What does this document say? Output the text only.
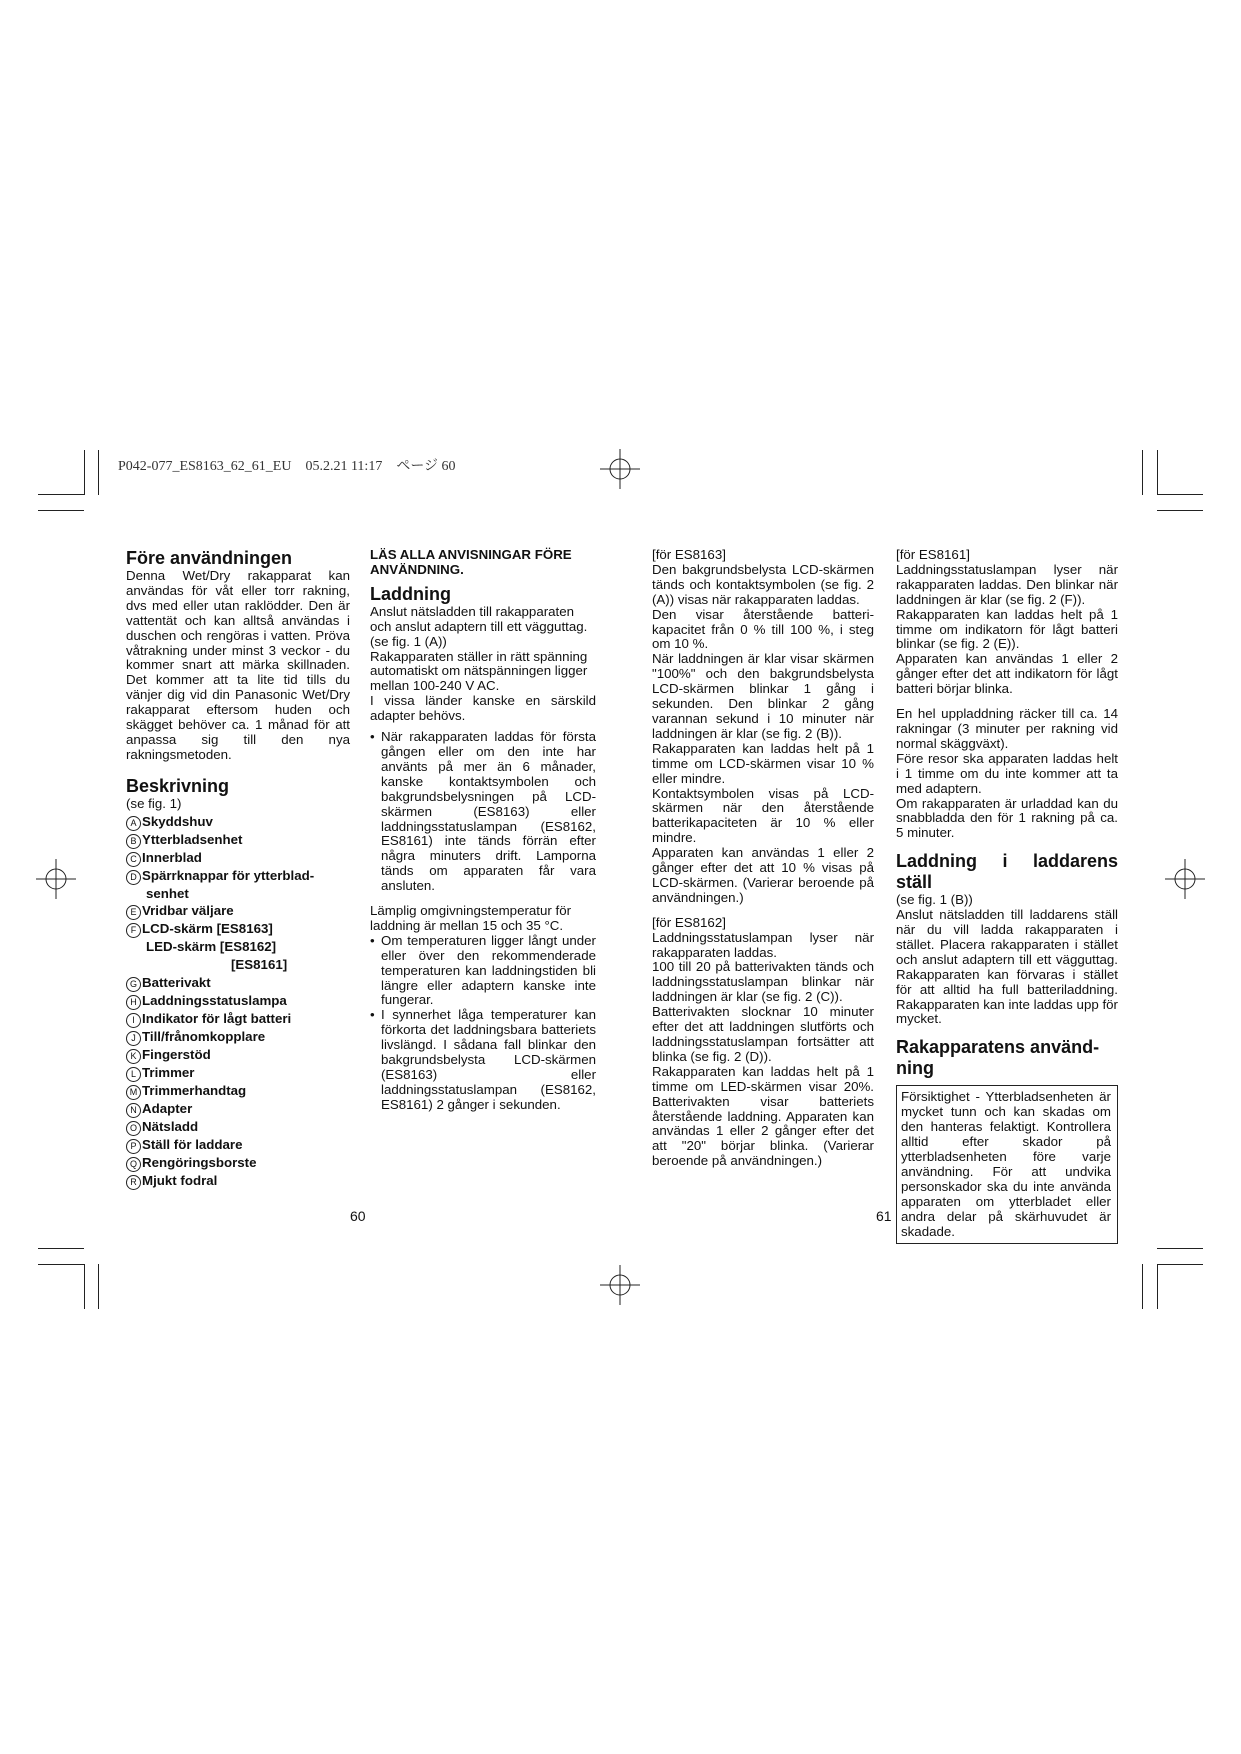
P042-077_ES8163_62_61_EU 05.2.21 11:17 ページ 60
Före användningen

Denna Wet/Dry rakapparat kan användas för våt eller torr rakning, dvs med eller utan raklödder. Den är vattentät och kan alltså användas i duschen och rengöras i vatten. Pröva våtrakning under minst 3 veckor - du kommer snart att märka skillnaden. Det kommer att ta lite tid tills du vänjer dig vid din Panasonic Wet/Dry rakapparat eftersom huden och skägget behöver ca. 1 månad för att anpassa sig till den nya rakningsmetoden.

Beskrivning

(se fig. 1)

A Skyddshuv
B Ytterbladsenhet
C Innerblad
D Spärrknappar för ytterblad-
senhet
E Vridbar väljare
F LCD-skärm [ES8163]
LED-skärm [ES8162]
[ES8161]
G Batterivakt
H Laddningsstatuslampa
I Indikator för lågt batteri
J Till/frånomkopplare
K Fingerstöd
L Trimmer
M Trimmerhandtag
N Adapter
O Nätsladd
P Ställ för laddare
Q Rengöringsborste
R Mjukt fodral

LÄS ALLA ANVISNINGAR FÖRE ANVÄNDNING.

Laddning

Anslut nätsladden till rakapparaten och anslut adaptern till ett vägguttag. (se fig. 1 (A))

Rakapparaten ställer in rätt spänning automatiskt om nätspänningen ligger mellan 100-240 V AC.

I vissa länder kanske en särskild adapter behövs.

• När rakapparaten laddas för första gången eller om den inte har använts på mer än 6 månader, kanske kontaktsymbolen och bakgrundsbelysningen på LCD-skärmen (ES8163) eller laddningsstatuslampan (ES8162, ES8161) inte tänds förrän efter några minuters drift. Lamporna tänds om apparaten får vara ansluten.

Lämplig omgivningstemperatur för laddning är mellan 15 och 35 °C.

• Om temperaturen ligger långt under eller över den rekommenderade temperaturen kan laddningstiden bli längre eller adaptern kanske inte fungerar.
• I synnerhet låga temperaturer kan förkorta det laddningsbara batteriets livslängd. I sådana fall blinkar den bakgrundsbelysta LCD-skärmen (ES8163) eller laddningsstatuslampan (ES8162, ES8161) 2 gånger i sekunden.

[för ES8163]

Den bakgrundsbelysta LCD-skärmen tänds och kontaktsymbolen (se fig. 2 (A)) visas när rakapparaten laddas.

Den visar återstående batteri-kapacitet från 0 % till 100 %, i steg om 10 %.

När laddningen är klar visar skärmen "100%" och den bakgrundsbelysta LCD-skärmen blinkar 1 gång i sekunden. Den blinkar 2 gång varannan sekund i 10 minuter när laddningen är klar (se fig. 2 (B)).

Rakapparaten kan laddas helt på 1 timme om LCD-skärmen visar 10 % eller mindre.

Kontaktsymbolen visas på LCD-skärmen när den återstående batterikapaciteten är 10 % eller mindre.

Apparaten kan användas 1 eller 2 gånger efter det att 10 % visas på LCD-skärmen. (Varierar beroende på användningen.)

[för ES8162]

Laddningsstatuslampan lyser när rakapparaten laddas.

100 till 20 på batterivakten tänds och laddningsstatuslampan blinkar när laddningen är klar (se fig. 2 (C)).

Batterivakten slocknar 10 minuter efter det att laddningen slutförts och laddningsstatuslampan fortsätter att blinka (se fig. 2 (D)).

Rakapparaten kan laddas helt på 1 timme om LED-skärmen visar 20%. Batterivakten visar batteriets återstående laddning. Apparaten kan användas 1 eller 2 gånger efter det att "20" börjar blinka. (Varierar beroende på användningen.)

[för ES8161]

Laddningsstatuslampan lyser när rakapparaten laddas. Den blinkar när laddningen är klar (se fig. 2 (F)).

Rakapparaten kan laddas helt på 1 timme om indikatorn för lågt batteri blinkar (se fig. 2 (E)).

Apparaten kan användas 1 eller 2 gånger efter det att indikatorn för lågt batteri börjar blinka.

En hel uppladdning räcker till ca. 14 rakningar (3 minuter per rakning vid normal skäggväxt).

Före resor ska apparaten laddas helt i 1 timme om du inte kommer att ta med adaptern.

Om rakapparaten är urladdad kan du snabbladda den för 1 rakning på ca. 5 minuter.

Laddning i laddarens ställ

(se fig. 1 (B))

Anslut nätsladden till laddarens ställ när du vill ladda rakapparaten i stället. Placera rakapparaten i stället och anslut adaptern till ett vägguttag. Rakapparaten kan förvaras i stället för att alltid ha full batteriladdning. Rakapparaten kan inte laddas upp för mycket.

Rakapparatens använd-ning

Försiktighet - Ytterbladsenheten är mycket tunn och kan skadas om den hanteras felaktigt. Kontrollera alltid efter skador på ytterbladsenheten före varje användning. För att undvika personskador ska du inte använda apparaten om ytterbladet eller andra delar på skärhuvudet är skadade.

60	61
